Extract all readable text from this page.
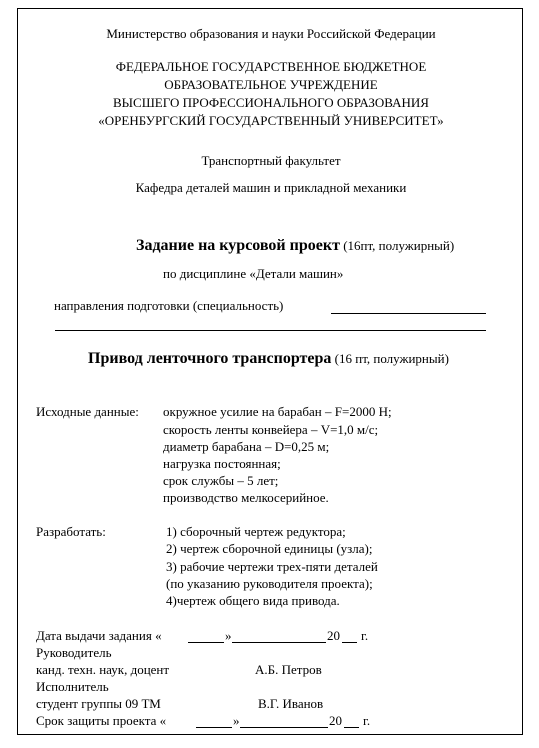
Министерство образования и науки Российской Федерации
ФЕДЕРАЛЬНОЕ ГОСУДАРСТВЕННОЕ БЮДЖЕТНОЕ
ОБРАЗОВАТЕЛЬНОЕ УЧРЕЖДЕНИЕ
ВЫСШЕГО ПРОФЕССИОНАЛЬНОГО ОБРАЗОВАНИЯ
«ОРЕНБУРГСКИЙ ГОСУДАРСТВЕННЫЙ УНИВЕРСИТЕТ»
Транспортный факультет
Кафедра деталей машин и прикладной механики
Задание на курсовой проект (16пт, полужирный)
по дисциплине «Детали машин»
направления подготовки (специальность)
Привод ленточного транспортера (16 пт, полужирный)
Исходные данные: окружное усилие на барабан – F=2000 Н;
скорость ленты конвейера – V=1,0 м/с;
диаметр барабана – D=0,25 м;
нагрузка постоянная;
срок службы – 5 лет;
производство мелкосерийное.
Разработать:	1) сборочный чертеж редуктора;
2) чертеж сборочной единицы (узла);
3) рабочие чертежи трех-пяти деталей
(по указанию руководителя проекта);
4)чертеж общего вида привода.
Дата выдачи задания «	»	20 г.
Руководитель
канд. техн. наук, доцент	А.Б. Петров
Исполнитель
студент группы 09 ТМ	В.Г. Иванов
Срок защиты проекта «	»	20 г.
